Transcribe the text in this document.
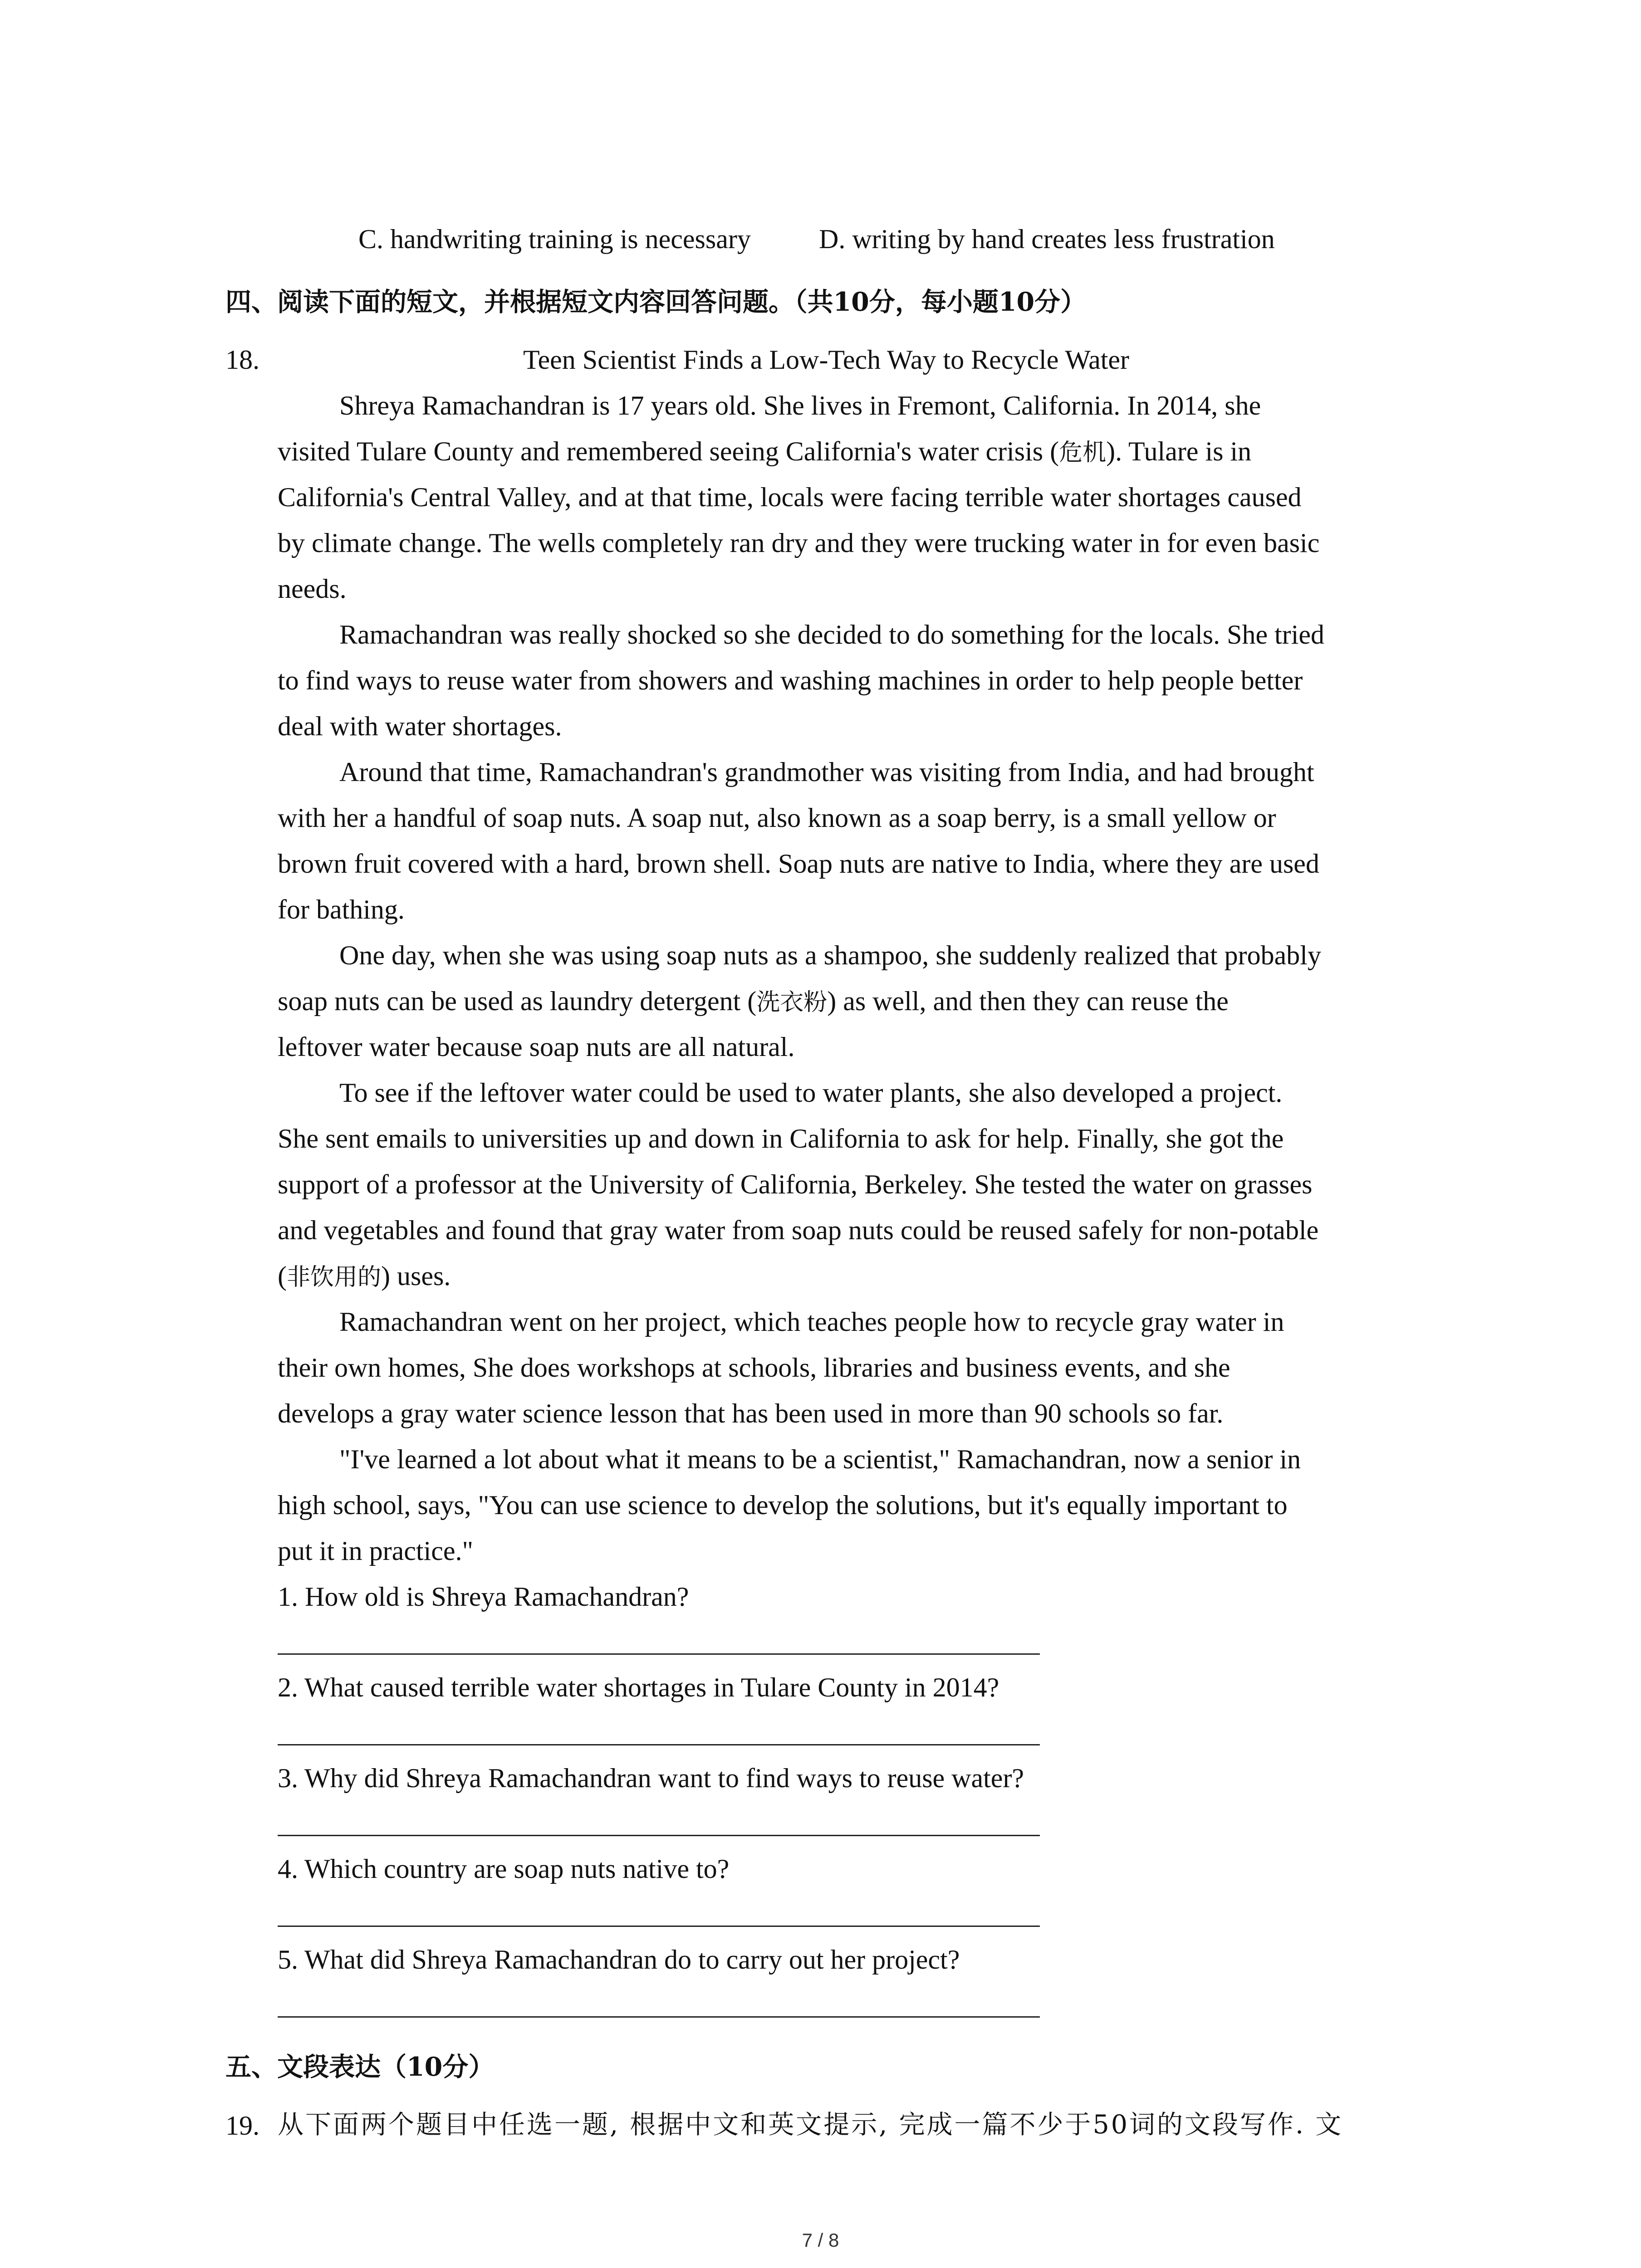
C. handwriting training is necessary	D. writing by hand creates less frustration
四、阅读下面的短文，并根据短文内容回答问题。（共10分，每小题10分）
18.	Teen Scientist Finds a Low-Tech Way to Recycle Water
Shreya Ramachandran is 17 years old. She lives in Fremont, California. In 2014, she
visited Tulare County and remembered seeing California's water crisis (危机). Tulare is in
California's Central Valley, and at that time, locals were facing terrible water shortages caused
by climate change. The wells completely ran dry and they were trucking water in for even basic
needs.
Ramachandran was really shocked so she decided to do something for the locals. She tried
to find ways to reuse water from showers and washing machines in order to help people better
deal with water shortages.
Around that time, Ramachandran's grandmother was visiting from India, and had brought
with her a handful of soap nuts. A soap nut, also known as a soap berry, is a small yellow or
brown fruit covered with a hard, brown shell. Soap nuts are native to India, where they are used
for bathing.
One day, when she was using soap nuts as a shampoo, she suddenly realized that probably
soap nuts can be used as laundry detergent (洗衣粉) as well, and then they can reuse the
leftover water because soap nuts are all natural.
To see if the leftover water could be used to water plants, she also developed a project.
She sent emails to universities up and down in California to ask for help. Finally, she got the
support of a professor at the University of California, Berkeley. She tested the water on grasses
and vegetables and found that gray water from soap nuts could be reused safely for non-potable
(非饮用的) uses.
Ramachandran went on her project, which teaches people how to recycle gray water in
their own homes, She does workshops at schools, libraries and business events, and she
develops a gray water science lesson that has been used in more than 90 schools so far.
"I've learned a lot about what it means to be a scientist," Ramachandran, now a senior in
high school, says, "You can use science to develop the solutions, but it's equally important to
put it in practice."
1. How old is Shreya Ramachandran?
2. What caused terrible water shortages in Tulare County in 2014?
3. Why did Shreya Ramachandran want to find ways to reuse water?
4. Which country are soap nuts native to?
5. What did Shreya Ramachandran do to carry out her project?
五、文段表达（10分）
19. 从下面两个题目中任选一题, 根据中文和英文提示, 完成一篇不少于50词的文段写作. 文
7 / 8
